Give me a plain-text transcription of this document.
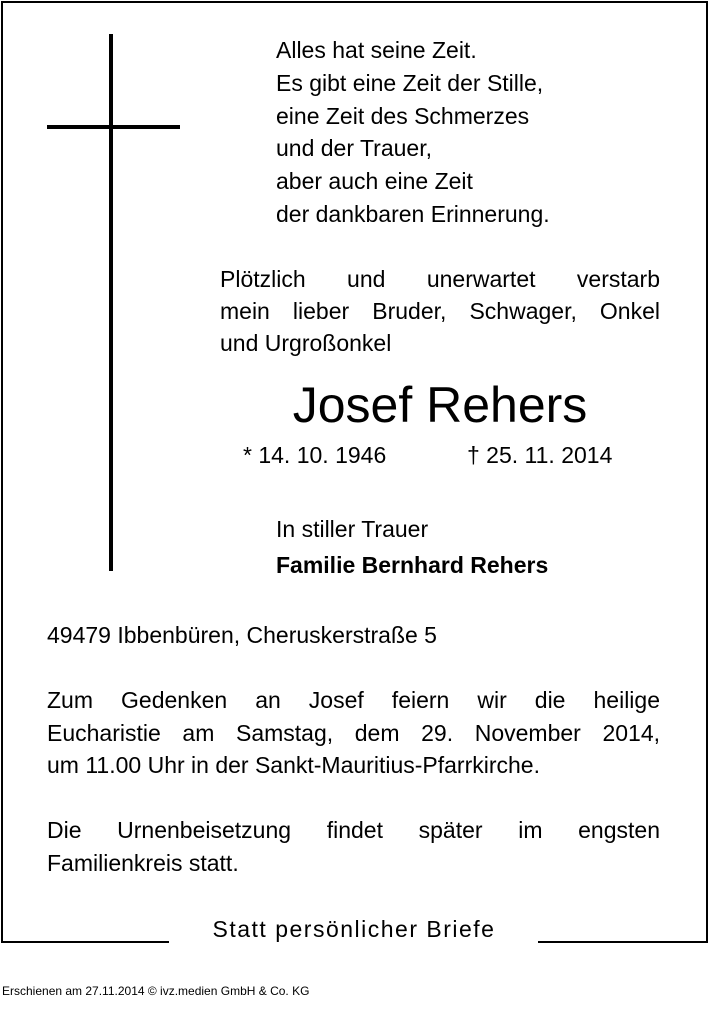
Alles hat seine Zeit.
Es gibt eine Zeit der Stille,
eine Zeit des Schmerzes
und der Trauer,
aber auch eine Zeit
der dankbaren Erinnerung.
Plötzlich und unerwartet verstarb
mein lieber Bruder, Schwager, Onkel
und Urgroßonkel
Josef Rehers
* 14. 10. 1946	† 25. 11. 2014
In stiller Trauer
Familie Bernhard Rehers
49479 Ibbenbüren, Cheruskerstraße 5
Zum Gedenken an Josef feiern wir die heilige
Eucharistie am Samstag, dem 29. November 2014,
um 11.00 Uhr in der Sankt-Mauritius-Pfarrkirche.
Die Urnenbeisetzung findet später im engsten
Familienkreis statt.
Statt persönlicher Briefe
Erschienen am 27.11.2014 © ivz.medien GmbH & Co. KG
